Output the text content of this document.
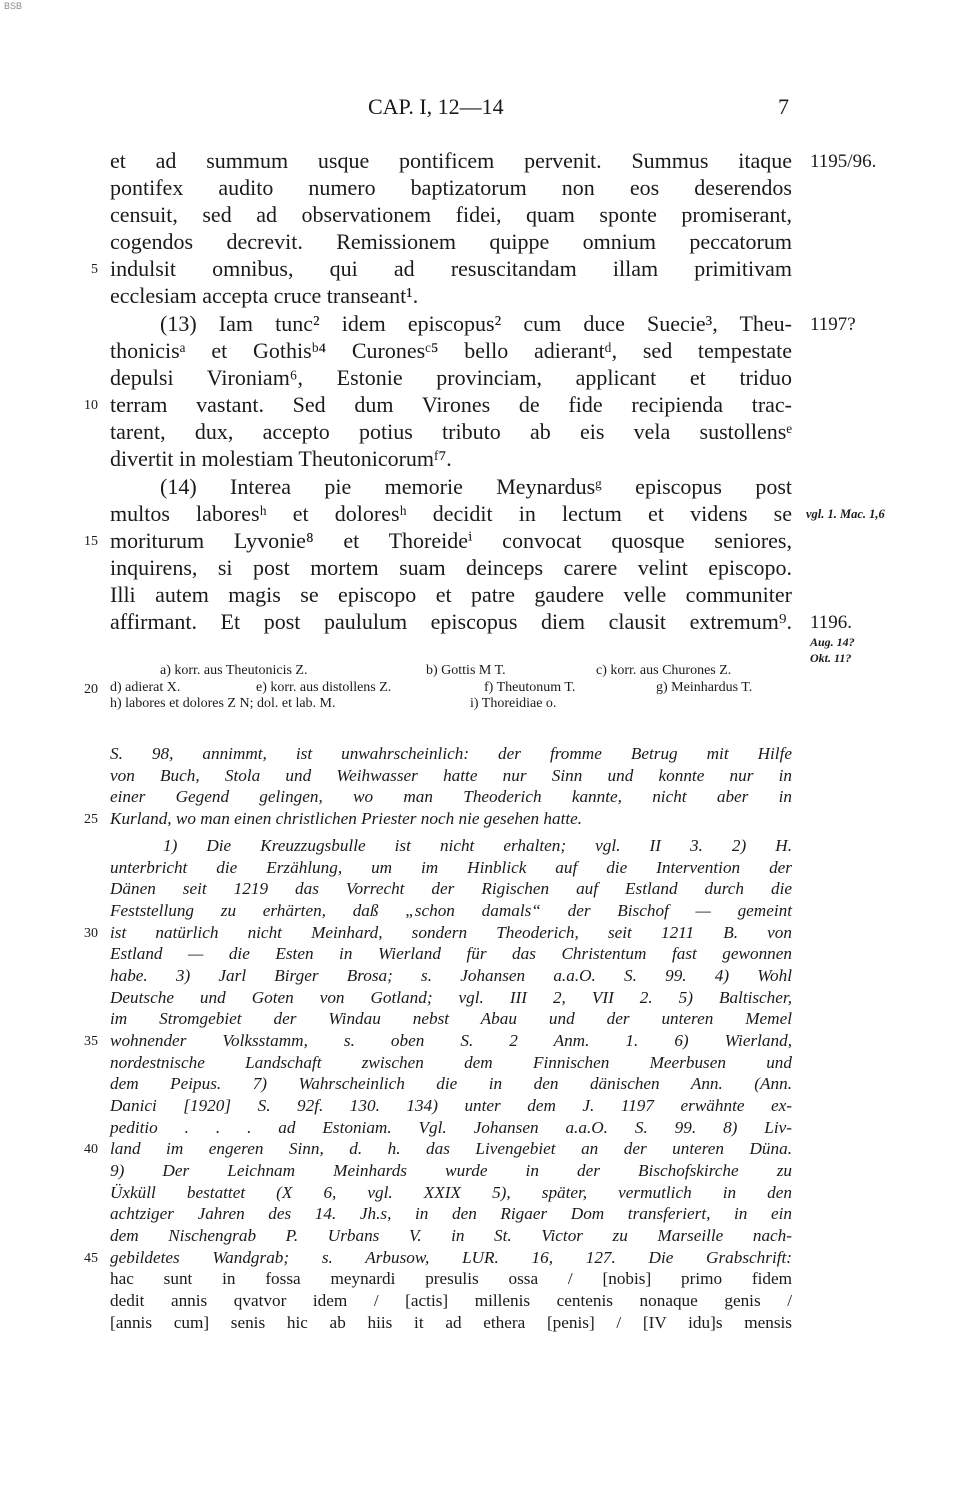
BSB
CAP. I, 12—14	7
et ad summum usque pontificem pervenit. Summus itaque
pontifex audito numero baptizatorum non eos deserendos
censuit, sed ad observationem fidei, quam sponte promiserant,
cogendos decrevit. Remissionem quippe omnium peccatorum
indulsit omnibus, qui ad resuscitandam illam primitivam
ecclesiam accepta cruce transeant¹.
(13) Iam tunc² idem episcopus² cum duce Suecie³, Theu-
thonicisᵃ et Gothisᵇ⁴ Curonesᶜ⁵ bello adierantᵈ, sed tempestate
depulsi Vironiam⁶, Estonie provinciam, applicant et triduo
terram vastant. Sed dum Virones de fide recipienda trac-
tarent, dux, accepto potius tributo ab eis vela sustollensᵉ
divertit in molestiam Theutonicorumᶠ⁷.
(14) Interea pie memorie Meynardusᵍ episcopus post
multos laboresʰ et doloresʰ decidit in lectum et videns se
moriturum Lyvonie⁸ et Thoreideⁱ convocat quosque seniores,
inquirens, si post mortem suam deinceps carere velint episcopo.
Illi autem magis se episcopo et patre gaudere velle communiter
affirmant. Et post paululum episcopus diem clausit extremum⁹.
1195/96.
1197?
vgl. 1. Mac. 1,6
1196.
Aug. 14?
Okt. 11?
a) korr. aus Theutonicis Z.	b) Gottis M T.	c) korr. aus Churones Z.
d) adierat X.	e) korr. aus distollens Z.	f) Theutonum T.	g) Meinhardus T.
h) labores et dolores Z N; dol. et lab. M.	i) Thoreidiae o.
S. 98, annimmt, ist unwahrscheinlich: der fromme Betrug mit Hilfe
von Buch, Stola und Weihwasser hatte nur Sinn und konnte nur in
einer Gegend gelingen, wo man Theoderich kannte, nicht aber in
Kurland, wo man einen christlichen Priester noch nie gesehen hatte.
1) Die Kreuzzugsbulle ist nicht erhalten; vgl. II 3. 2) H.
unterbricht die Erzählung, um im Hinblick auf die Intervention der
Dänen seit 1219 das Vorrecht der Rigischen auf Estland durch die
Feststellung zu erhärten, daß „schon damals“ der Bischof — gemeint
ist natürlich nicht Meinhard, sondern Theoderich, seit 1211 B. von
Estland — die Esten in Wierland für das Christentum fast gewonnen
habe. 3) Jarl Birger Brosa; s. Johansen a.a.O. S. 99. 4) Wohl
Deutsche und Goten von Gotland; vgl. III 2, VII 2. 5) Baltischer,
im Stromgebiet der Windau nebst Abau und der unteren Memel
wohnender Volksstamm, s. oben S. 2 Anm. 1. 6) Wierland,
nordestnische Landschaft zwischen dem Finnischen Meerbusen und
dem Peipus. 7) Wahrscheinlich die in den dänischen Ann. (Ann.
Danici [1920] S. 92f. 130. 134) unter dem J. 1197 erwähnte ex-
peditio . . . ad Estoniam. Vgl. Johansen a.a.O. S. 99. 8) Liv-
land im engeren Sinn, d. h. das Livengebiet an der unteren Düna.
9) Der Leichnam Meinhards wurde in der Bischofskirche zu
Üxküll bestattet (X 6, vgl. XXIX 5), später, vermutlich in den
achtziger Jahren des 14. Jh.s, in den Rigaer Dom transferiert, in ein
dem Nischengrab P. Urbans V. in St. Victor zu Marseille nach-
gebildetes Wandgrab; s. Arbusow, LUR. 16, 127. Die Grabschrift:
hac sunt in fossa meynardi presulis ossa / [nobis] primo fidem
dedit annis qvatvor idem / [actis] millenis centenis nonaque genis /
[annis cum] senis hic ab hiis it ad ethera [penis] / [IV idu]s mensis
5
10
15
20
25
30
35
40
45
